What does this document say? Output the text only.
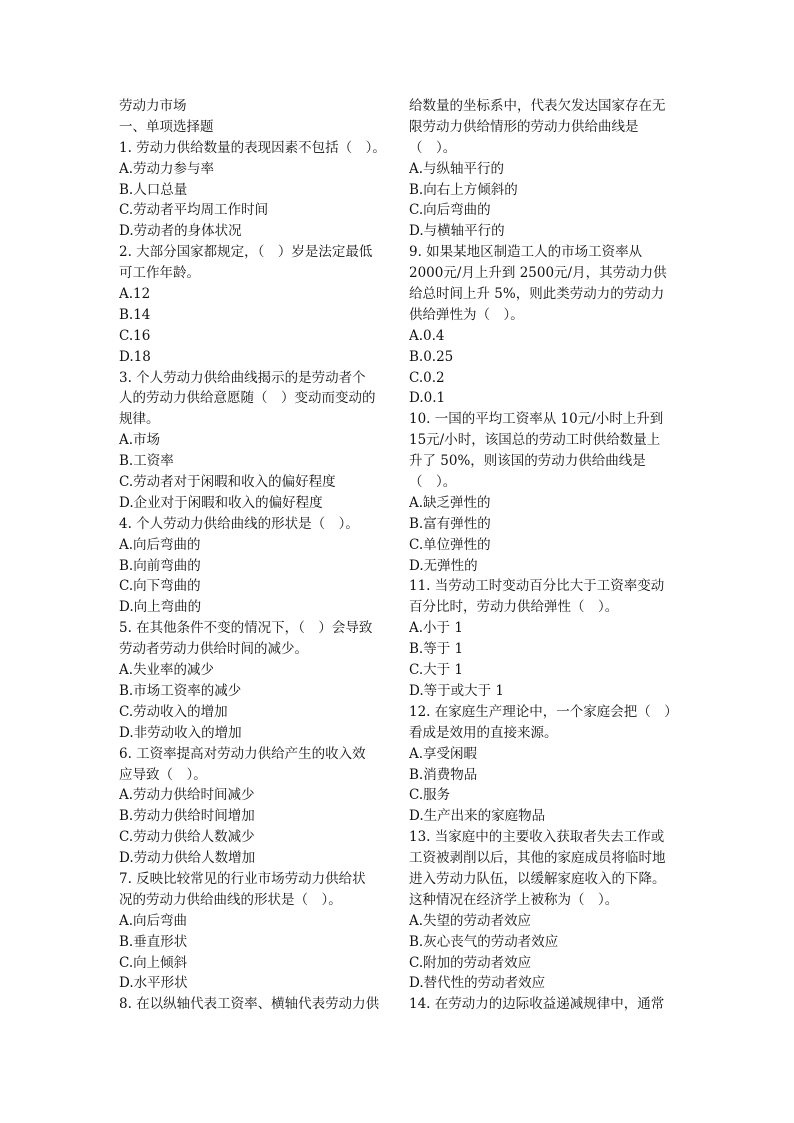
劳动力市场
一、单项选择题
1. 劳动力供给数量的表现因素不包括（　）。
A.劳动力参与率
B.人口总量
C.劳动者平均周工作时间
D.劳动者的身体状况
2. 大部分国家都规定，（　）岁是法定最低
可工作年龄。
A.12
B.14
C.16
D.18
3. 个人劳动力供给曲线揭示的是劳动者个
人的劳动力供给意愿随（　）变动而变动的
规律。
A.市场
B.工资率
C.劳动者对于闲暇和收入的偏好程度
D.企业对于闲暇和收入的偏好程度
4. 个人劳动力供给曲线的形状是（　）。
A.向后弯曲的
B.向前弯曲的
C.向下弯曲的
D.向上弯曲的
5. 在其他条件不变的情况下，（　）会导致
劳动者劳动力供给时间的减少。
A.失业率的减少
B.市场工资率的减少
C.劳动收入的增加
D.非劳动收入的增加
6. 工资率提高对劳动力供给产生的收入效
应导致（　）。
A.劳动力供给时间减少
B.劳动力供给时间增加
C.劳动力供给人数减少
D.劳动力供给人数增加
7. 反映比较常见的行业市场劳动力供给状
况的劳动力供给曲线的形状是（　）。
A.向后弯曲
B.垂直形状
C.向上倾斜
D.水平形状
8. 在以纵轴代表工资率、横轴代表劳动力供
给数量的坐标系中，代表欠发达国家存在无
限劳动力供给情形的劳动力供给曲线是
（　）。
A.与纵轴平行的
B.向右上方倾斜的
C.向后弯曲的
D.与横轴平行的
9. 如果某地区制造工人的市场工资率从
2000元/月上升到 2500元/月，其劳动力供
给总时间上升 5%，则此类劳动力的劳动力
供给弹性为（　）。
A.0.4
B.0.25
C.0.2
D.0.1
10. 一国的平均工资率从 10元/小时上升到
15元/小时，该国总的劳动工时供给数量上
升了 50%，则该国的劳动力供给曲线是
（　）。
A.缺乏弹性的
B.富有弹性的
C.单位弹性的
D.无弹性的
11. 当劳动工时变动百分比大于工资率变动
百分比时，劳动力供给弹性（　）。
A.小于 1
B.等于 1
C.大于 1
D.等于或大于 1
12. 在家庭生产理论中，一个家庭会把（　）
看成是效用的直接来源。
A.享受闲暇
B.消费物品
C.服务
D.生产出来的家庭物品
13. 当家庭中的主要收入获取者失去工作或
工资被剥削以后，其他的家庭成员将临时地
进入劳动力队伍，以缓解家庭收入的下降。
这种情况在经济学上被称为（　）。
A.失望的劳动者效应
B.灰心丧气的劳动者效应
C.附加的劳动者效应
D.替代性的劳动者效应
14. 在劳动力的边际收益递减规律中，通常
